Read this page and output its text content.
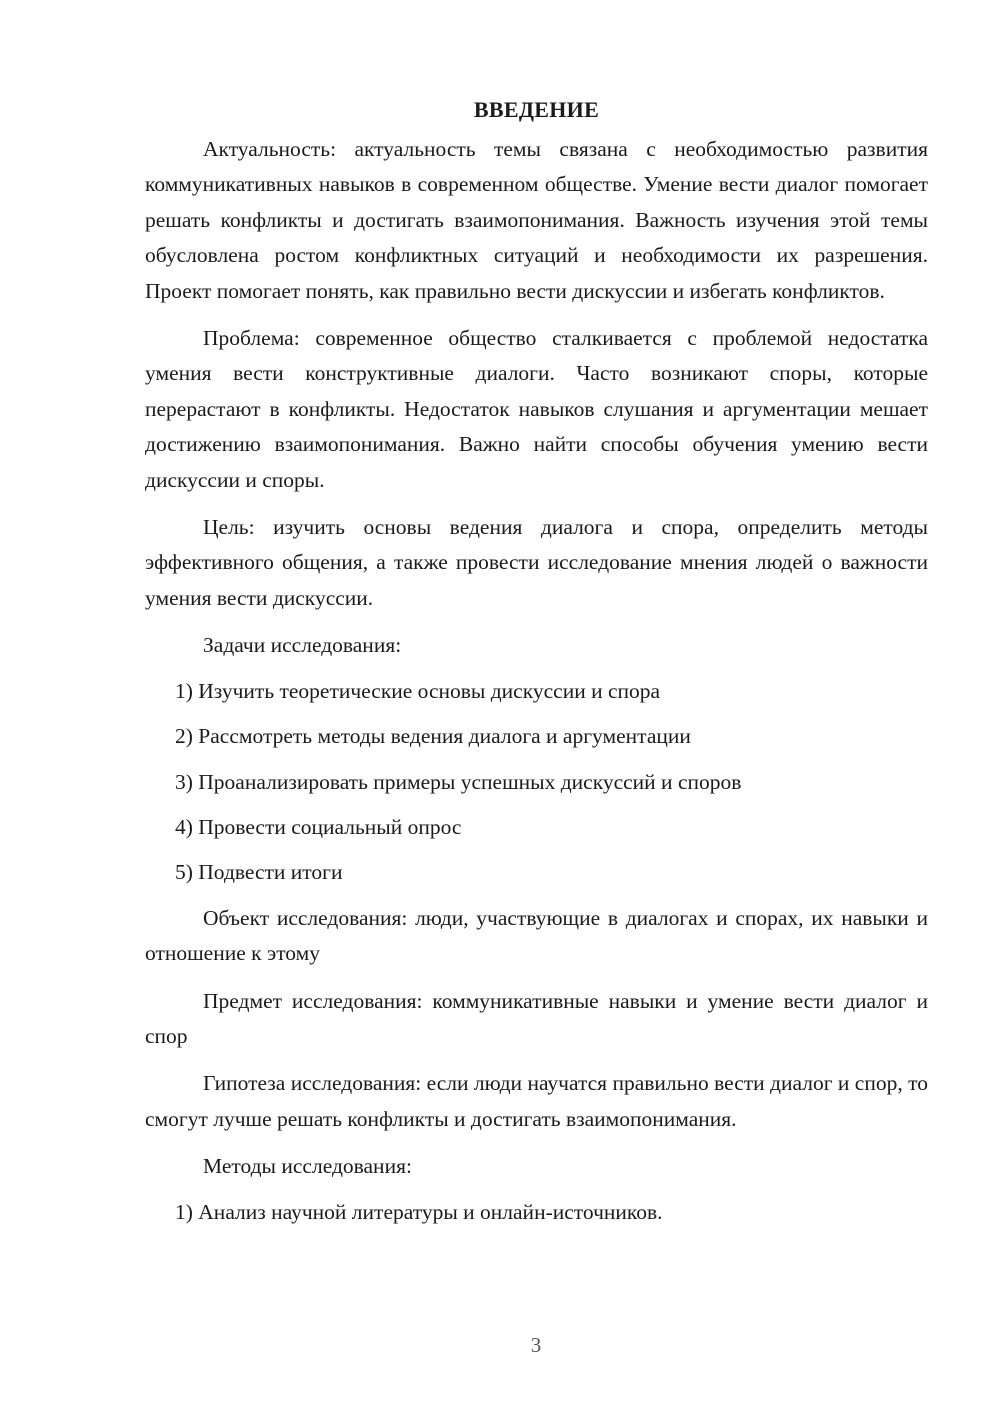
ВВЕДЕНИЕ

Актуальность: актуальность темы связана с необходимостью развития коммуникативных навыков в современном обществе. Умение вести диалог помогает решать конфликты и достигать взаимопонимания. Важность изучения этой темы обусловлена ростом конфликтных ситуаций и необходимости их разрешения. Проект помогает понять, как правильно вести дискуссии и избегать конфликтов.

Проблема: современное общество сталкивается с проблемой недостатка умения вести конструктивные диалоги. Часто возникают споры, которые перерастают в конфликты. Недостаток навыков слушания и аргументации мешает достижению взаимопонимания. Важно найти способы обучения умению вести дискуссии и споры.

Цель: изучить основы ведения диалога и спора, определить методы эффективного общения, а также провести исследование мнения людей о важности умения вести дискуссии.

Задачи исследования:

1) Изучить теоретические основы дискуссии и спора
2) Рассмотреть методы ведения диалога и аргументации
3) Проанализировать примеры успешных дискуссий и споров
4) Провести социальный опрос
5) Подвести итоги

Объект исследования: люди, участвующие в диалогах и спорах, их навыки и отношение к этому

Предмет исследования: коммуникативные навыки и умение вести диалог и спор

Гипотеза исследования: если люди научатся правильно вести диалог и спор, то смогут лучше решать конфликты и достигать взаимопонимания.

Методы исследования:

1) Анализ научной литературы и онлайн-источников.
3
